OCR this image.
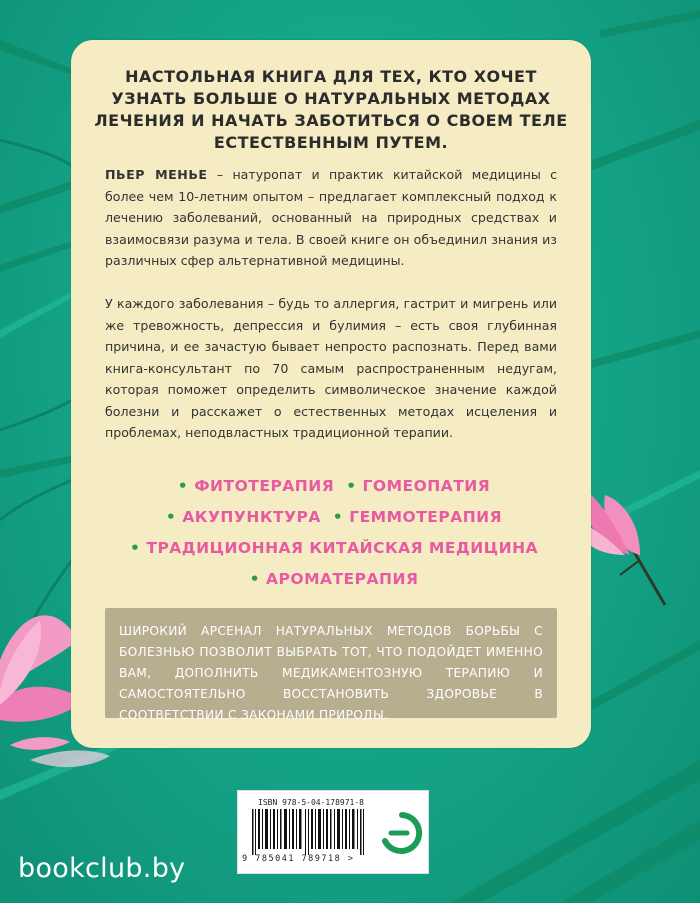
НАСТОЛЬНАЯ КНИГА ДЛЯ ТЕХ, КТО ХОЧЕТ УЗНАТЬ БОЛЬШЕ О НАТУРАЛЬНЫХ МЕТОДАХ ЛЕЧЕНИЯ И НАЧАТЬ ЗАБОТИТЬСЯ О СВОЕМ ТЕЛЕ ЕСТЕСТВЕННЫМ ПУТЕМ.
ПЬЕР МЕНЬЕ – натуропат и практик китайской медицины с более чем 10-летним опытом – предлагает комплексный подход к лечению заболеваний, основанный на природных средствах и взаимосвязи разума и тела. В своей книге он объединил знания из различных сфер альтернативной медицины.
У каждого заболевания – будь то аллергия, гастрит и мигрень или же тревожность, депрессия и булимия – есть своя глубинная причина, и ее зачастую бывает непросто распознать. Перед вами книга-консультант по 70 самым распространенным недугам, которая поможет определить символическое значение каждой болезни и расскажет о естественных методах исцеления и проблемах, неподвластных традиционной терапии.
• ФИТОТЕРАПИЯ • ГОМЕОПАТИЯ
• АКУПУНКТУРА • ГЕММОТЕРАПИЯ
• ТРАДИЦИОННАЯ КИТАЙСКАЯ МЕДИЦИНА
• АРОМАТЕРАПИЯ
ШИРОКИЙ АРСЕНАЛ НАТУРАЛЬНЫХ МЕТОДОВ БОРЬБЫ С БОЛЕЗНЬЮ ПОЗВОЛИТ ВЫБРАТЬ ТОТ, ЧТО ПОДОЙДЕТ ИМЕННО ВАМ, ДОПОЛНИТЬ МЕДИКАМЕНТОЗНУЮ ТЕРАПИЮ И САМОСТОЯТЕЛЬНО ВОССТАНОВИТЬ ЗДОРОВЬЕ В СООТВЕТСТВИИ С ЗАКОНАМИ ПРИРОДЫ.
ISBN 978-5-04-178971-8
9 785041 789718 >
bookclub.by
